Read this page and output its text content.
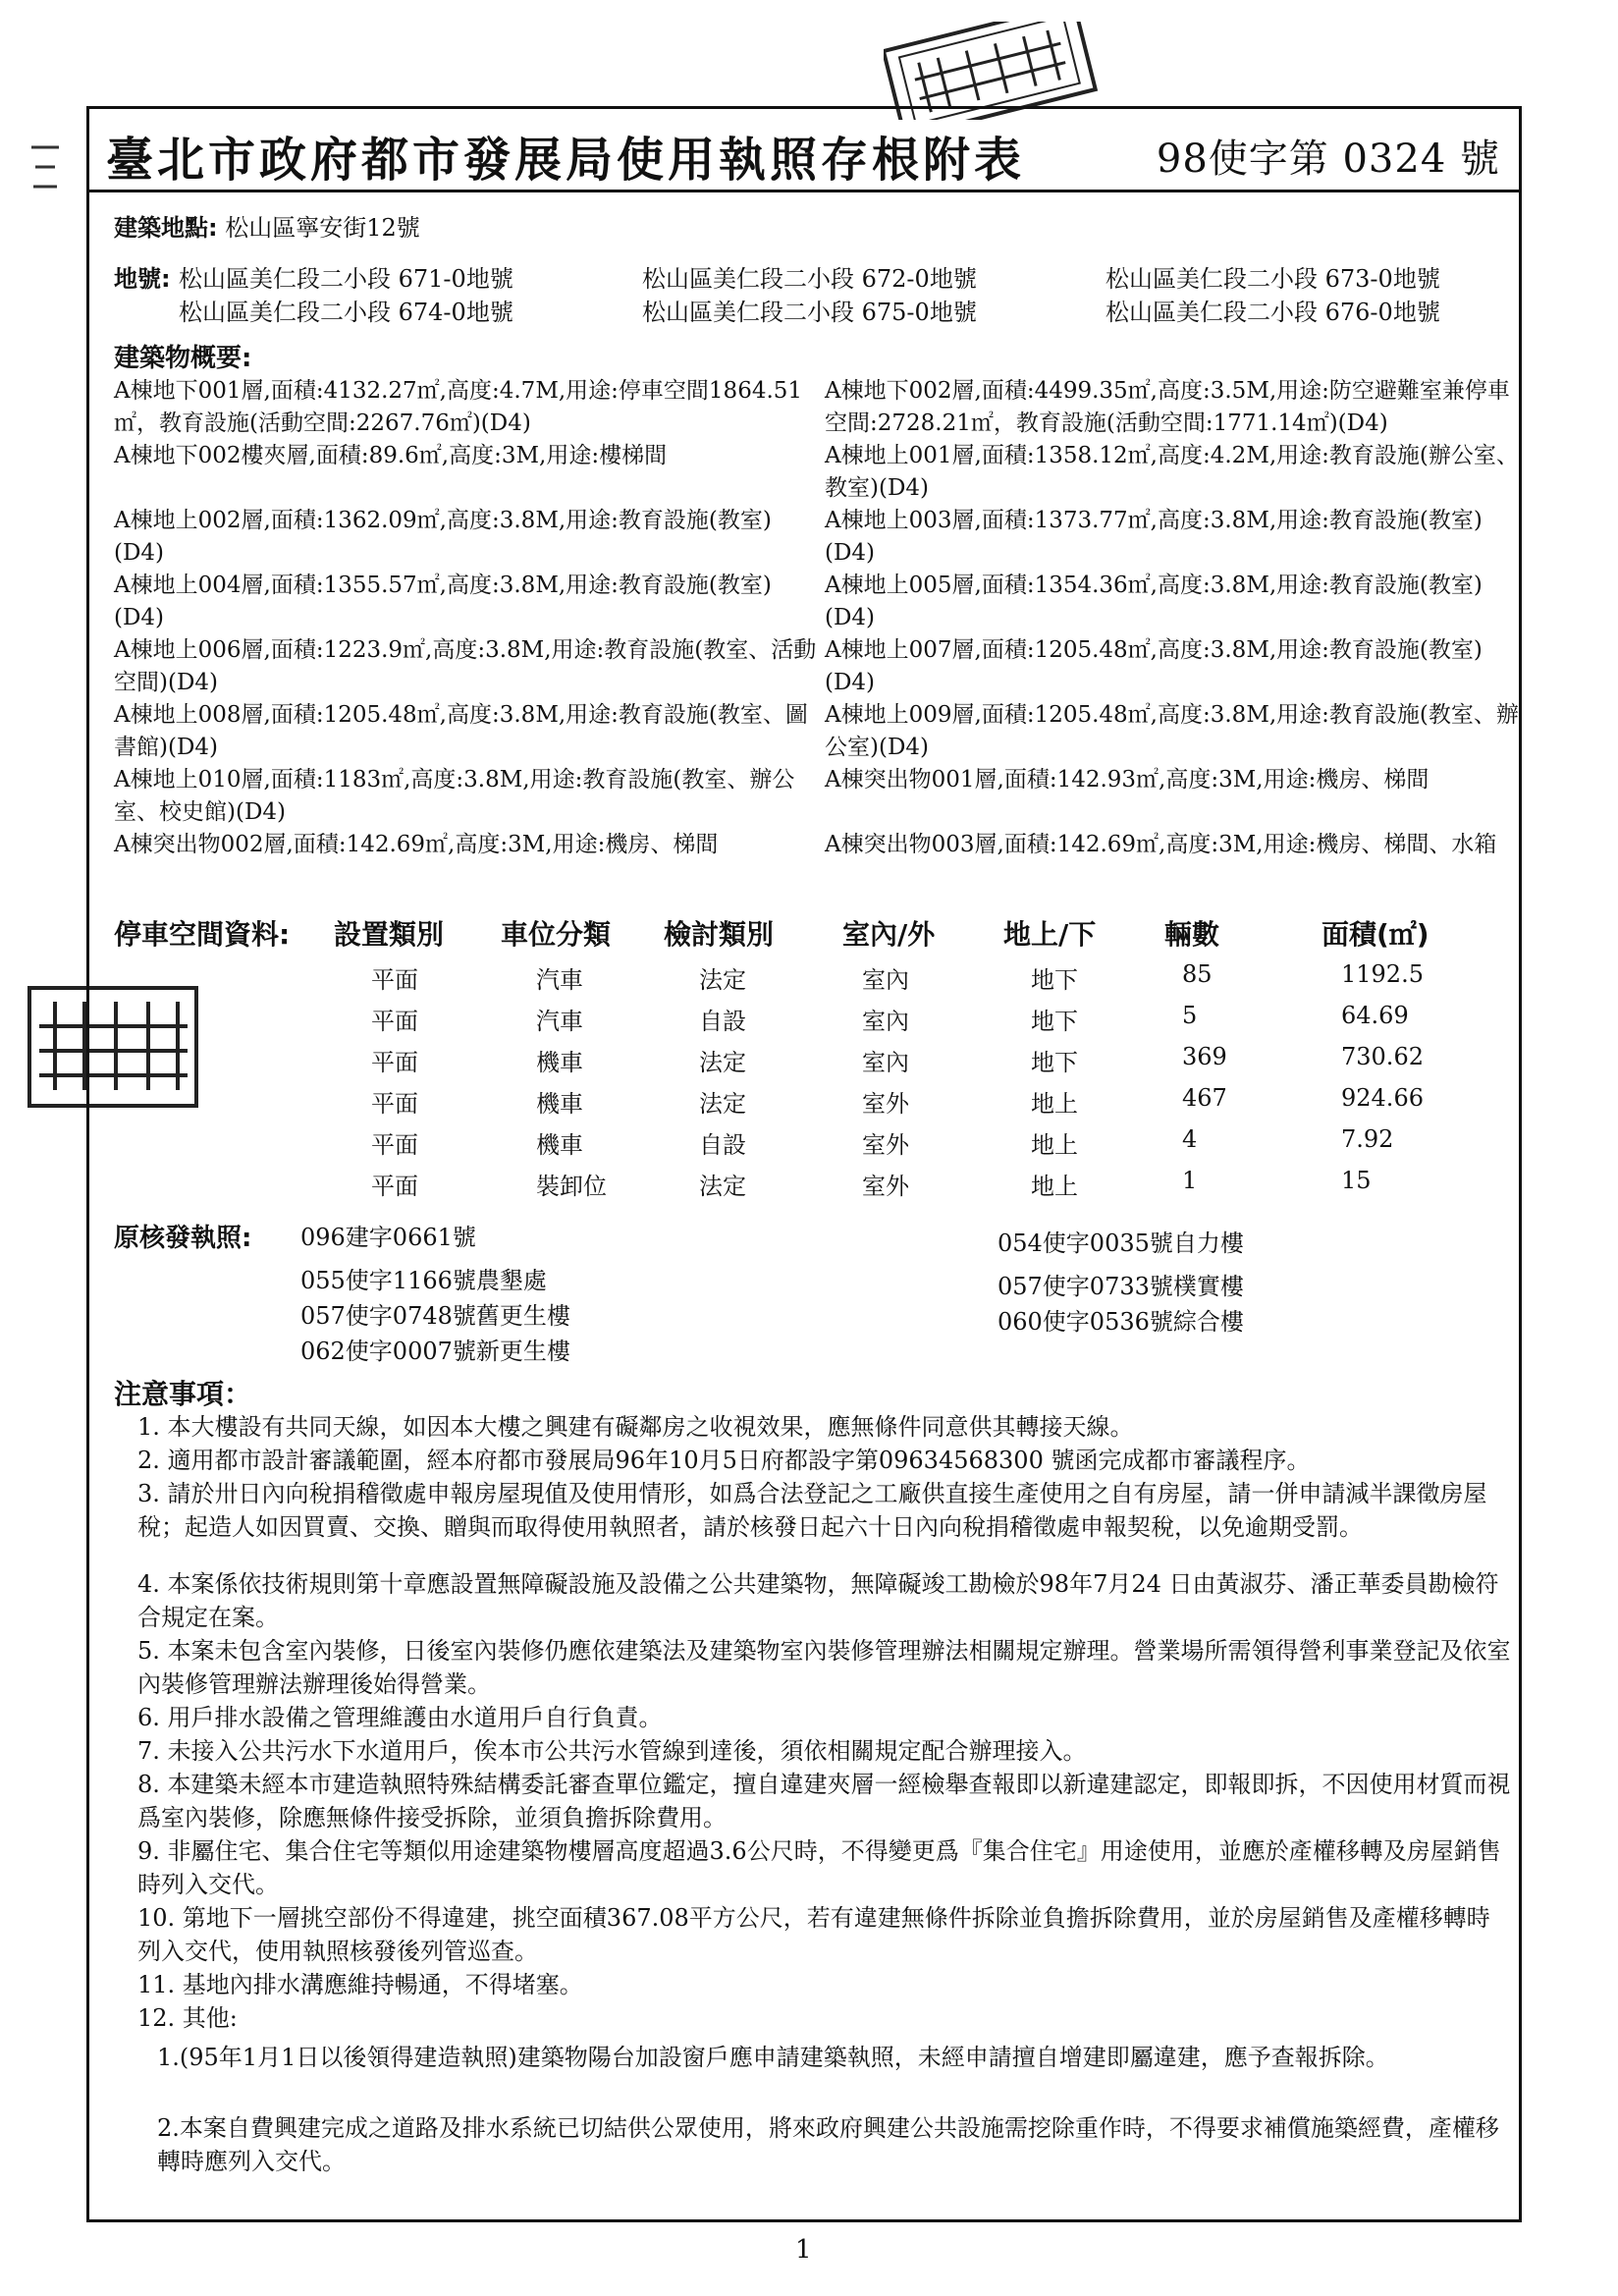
臺北市政府都市發展局使用執照存根附表	98使字第 0324 號
建築地點: 松山區寧安街12號
地號: 松山區美仁段二小段 671-0地號	松山區美仁段二小段 672-0地號	松山區美仁段二小段 673-0地號
松山區美仁段二小段 674-0地號	松山區美仁段二小段 675-0地號	松山區美仁段二小段 676-0地號
建築物概要:
A棟地下001層,面積:4132.27㎡,高度:4.7M,用途:停車空間1864.51㎡，教育設施(活動空間:2267.76㎡)(D4)
A棟地下002樓夾層,面積:89.6㎡,高度:3M,用途:樓梯間
A棟地上002層,面積:1362.09㎡,高度:3.8M,用途:教育設施(教室)(D4)
A棟地上004層,面積:1355.57㎡,高度:3.8M,用途:教育設施(教室)(D4)
A棟地上006層,面積:1223.9㎡,高度:3.8M,用途:教育設施(教室、活動空間)(D4)
A棟地上008層,面積:1205.48㎡,高度:3.8M,用途:教育設施(教室、圖書館)(D4)
A棟地上010層,面積:1183㎡,高度:3.8M,用途:教育設施(教室、辦公室、校史館)(D4)
A棟突出物002層,面積:142.69㎡,高度:3M,用途:機房、梯間
A棟地下002層,面積:4499.35㎡,高度:3.5M,用途:防空避難室兼停車空間:2728.21㎡，教育設施(活動空間:1771.14㎡)(D4)
A棟地上001層,面積:1358.12㎡,高度:4.2M,用途:教育設施(辦公室、教室)(D4)
A棟地上003層,面積:1373.77㎡,高度:3.8M,用途:教育設施(教室)(D4)
A棟地上005層,面積:1354.36㎡,高度:3.8M,用途:教育設施(教室)(D4)
A棟地上007層,面積:1205.48㎡,高度:3.8M,用途:教育設施(教室)(D4)
A棟地上009層,面積:1205.48㎡,高度:3.8M,用途:教育設施(教室、辦公室)(D4)
A棟突出物001層,面積:142.93㎡,高度:3M,用途:機房、梯間
A棟突出物003層,面積:142.69㎡,高度:3M,用途:機房、梯間、水箱
停車空間資料: 設置類別 車位分類 檢討類別 室內/外 地上/下 輛數	面積(㎡)
平面	汽車	法定	室內	地下	85	1192.5
平面	汽車	自設	室內	地下	5	64.69
平面	機車	法定	室內	地下	369	730.62
平面	機車	法定	室外	地上	467	924.66
平面	機車	自設	室外	地上	4	7.92
平面	裝卸位	法定	室外	地上	1	15
原核發執照: 096建字0661號
055使字1166號農墾處
057使字0748號舊更生樓
062使字0007號新更生樓
054使字0035號自力樓
057使字0733號樸實樓
060使字0536號綜合樓
注意事項：
1. 本大樓設有共同天線，如因本大樓之興建有礙鄰房之收視效果，應無條件同意供其轉接天線。
2. 適用都市設計審議範圍，經本府都市發展局96年10月5日府都設字第09634568300 號函完成都市審議程序。
3. 請於卅日內向稅捐稽徵處申報房屋現值及使用情形，如爲合法登記之工廠供直接生產使用之自有房屋，請一併申請減半課徵房屋稅；起造人如因買賣、交換、贈與而取得使用執照者，請於核發日起六十日內向稅捐稽徵處申報契稅，以免逾期受罰。
4. 本案係依技術規則第十章應設置無障礙設施及設備之公共建築物，無障礙竣工勘檢於98年7月24 日由黃淑芬、潘正華委員勘檢符合規定在案。
5. 本案未包含室內裝修，日後室內裝修仍應依建築法及建築物室內裝修管理辦法相關規定辦理。營業場所需領得營利事業登記及依室內裝修管理辦法辦理後始得營業。
6. 用戶排水設備之管理維護由水道用戶自行負責。
7. 未接入公共污水下水道用戶，俟本市公共污水管線到達後，須依相關規定配合辦理接入。
8. 本建築未經本市建造執照特殊結構委託審查單位鑑定，擅自違建夾層一經檢舉查報即以新違建認定，即報即拆，不因使用材質而視爲室內裝修，除應無條件接受拆除，並須負擔拆除費用。
9. 非屬住宅、集合住宅等類似用途建築物樓層高度超過3.6公尺時，不得變更爲『集合住宅』用途使用，並應於產權移轉及房屋銷售時列入交代。
10. 第地下一層挑空部份不得違建，挑空面積367.08平方公尺，若有違建無條件拆除並負擔拆除費用，並於房屋銷售及產權移轉時列入交代，使用執照核發後列管巡查。
11. 基地內排水溝應維持暢通，不得堵塞。
12. 其他:
1.(95年1月1日以後領得建造執照)建築物陽台加設窗戶應申請建築執照，未經申請擅自增建即屬違建，應予查報拆除。
2.本案自費興建完成之道路及排水系統已切結供公眾使用，將來政府興建公共設施需挖除重作時，不得要求補償施築經費，產權移轉時應列入交代。
1
